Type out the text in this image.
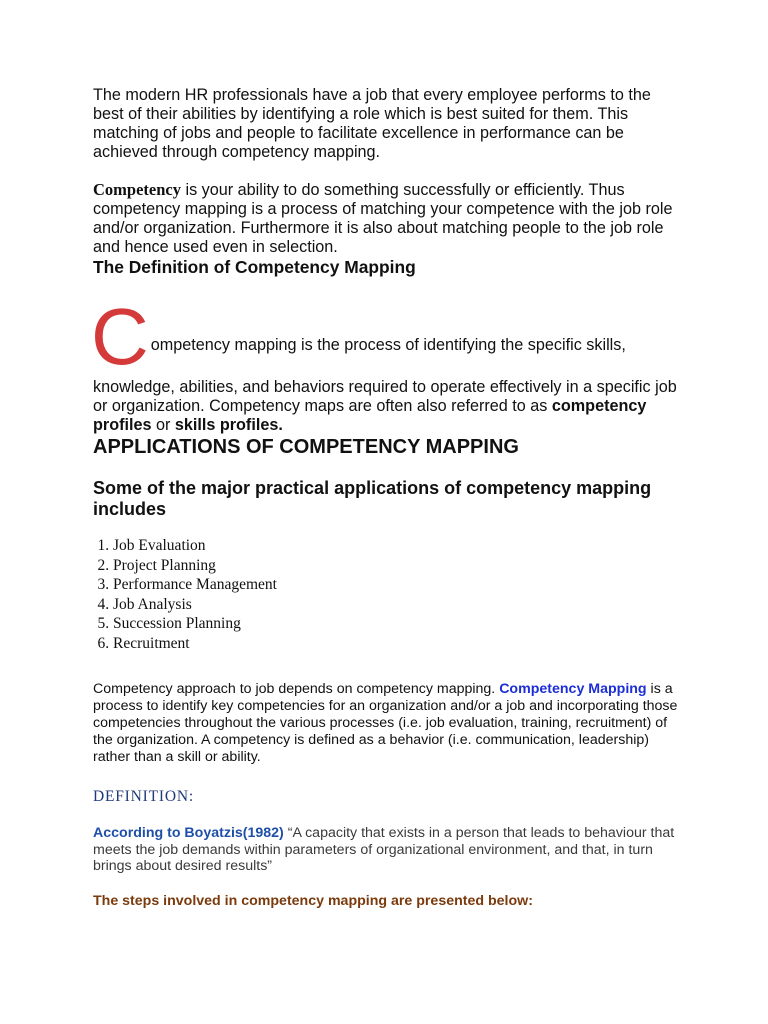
The modern HR professionals have a job that every employee performs to the best of their abilities by identifying a role which is best suited for them. This matching of jobs and people to facilitate excellence in performance can be achieved through competency mapping.

Competency is your ability to do something successfully or efficiently. Thus competency mapping is a process of matching your competence with the job role and/or organization. Furthermore it is also about matching people to the job role and hence used even in selection.

The Definition of Competency Mapping
C ompetency mapping is the process of identifying the specific skills,

knowledge, abilities, and behaviors required to operate effectively in a specific job or organization. Competency maps are often also referred to as competency profiles or skills profiles.

APPLICATIONS OF COMPETENCY MAPPING
Some of the major practical applications of competency mapping includes
1. Job Evaluation
2. Project Planning
3. Performance Management
4. Job Analysis
5. Succession Planning
6. Recruitment

Competency approach to job depends on competency mapping. Competency Mapping is a process to identify key competencies for an organization and/or a job and incorporating those competencies throughout the various processes (i.e. job evaluation, training, recruitment) of the organization. A competency is defined as a behavior (i.e. communication, leadership) rather than a skill or ability.

DEFINITION:

According to Boyatzis(1982) “A capacity that exists in a person that leads to behaviour that meets the job demands within parameters of organizational environment, and that, in turn brings about desired results”

The steps involved in competency mapping are presented below:
